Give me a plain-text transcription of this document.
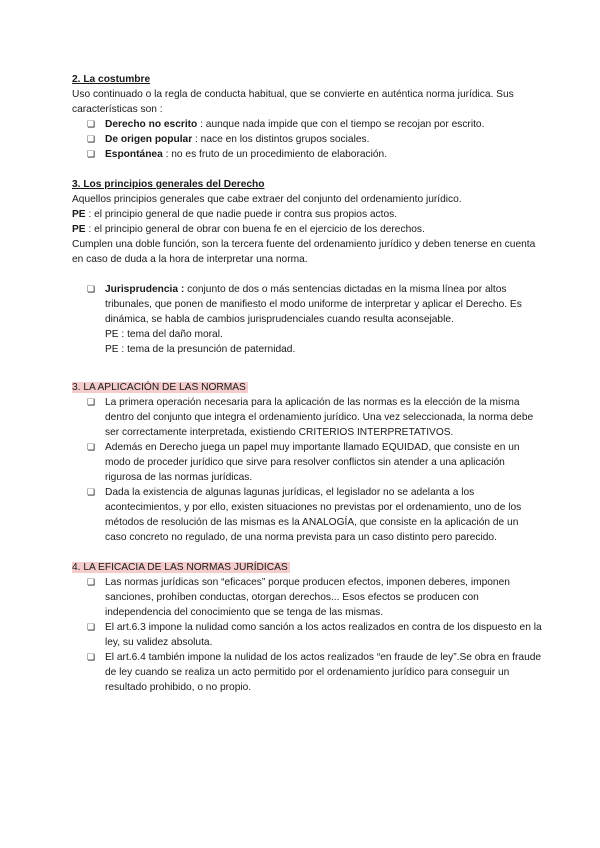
2. La costumbre

Uso continuado o la regla de conducta habitual, que se convierte en auténtica norma jurídica. Sus características son :

❏
Derecho no escrito : aunque nada impide que con el tiempo se recojan por escrito.
❏
De origen popular : nace en los distintos grupos sociales.
❏
Espontánea : no es fruto de un procedimiento de elaboración.

3. Los principios generales del Derecho

Aquellos principios generales que cabe extraer del conjunto del ordenamiento jurídico.

PE : el principio general de que nadie puede ir contra sus propios actos.

PE : el principio general de obrar con buena fe en el ejercicio de los derechos.

Cumplen una doble función, son la tercera fuente del ordenamiento jurídico y deben tenerse en cuenta en caso de duda a la hora de interpretar una norma.

❏
Jurisprudencia : conjunto de dos o más sentencias dictadas en la misma línea por altos tribunales, que ponen de manifiesto el modo uniforme de interpretar y aplicar el Derecho. Es dinámica, se habla de cambios jurisprudenciales cuando resulta aconsejable.

PE : tema del daño moral.

PE : tema de la presunción de paternidad.

3. LA APLICACIÓN DE LAS NORMAS

❏
La primera operación necesaria para la aplicación de las normas es la elección de la misma dentro del conjunto que integra el ordenamiento jurídico. Una vez seleccionada, la norma debe ser correctamente interpretada, existiendo CRITERIOS INTERPRETATIVOS.
❏
Además en Derecho juega un papel muy importante llamado EQUIDAD, que consiste en un modo de proceder jurídico que sirve para resolver conflictos sin atender a una aplicación rigurosa de las normas jurídicas.
❏
Dada la existencia de algunas lagunas jurídicas, el legislador no se adelanta a los acontecimientos, y por ello, existen situaciones no previstas por el ordenamiento, uno de los métodos de resolución de las mismas es la ANALOGÍA, que consiste en la aplicación de un caso concreto no regulado, de una norma prevista para un caso distinto pero parecido.

4. LA EFICACIA DE LAS NORMAS JURÍDICAS

❏
Las normas jurídicas son “eficaces” porque producen efectos, imponen deberes, imponen sanciones, prohíben conductas, otorgan derechos... Esos efectos se producen con independencia del conocimiento que se tenga de las mismas.
❏
El art.6.3 impone la nulidad como sanción a los actos realizados en contra de los dispuesto en la ley, su validez absoluta.
❏
El art.6.4 también impone la nulidad de los actos realizados “en fraude de ley”.Se obra en fraude de ley cuando se realiza un acto permitido por el ordenamiento jurídico para conseguir un resultado prohibido, o no propio.
